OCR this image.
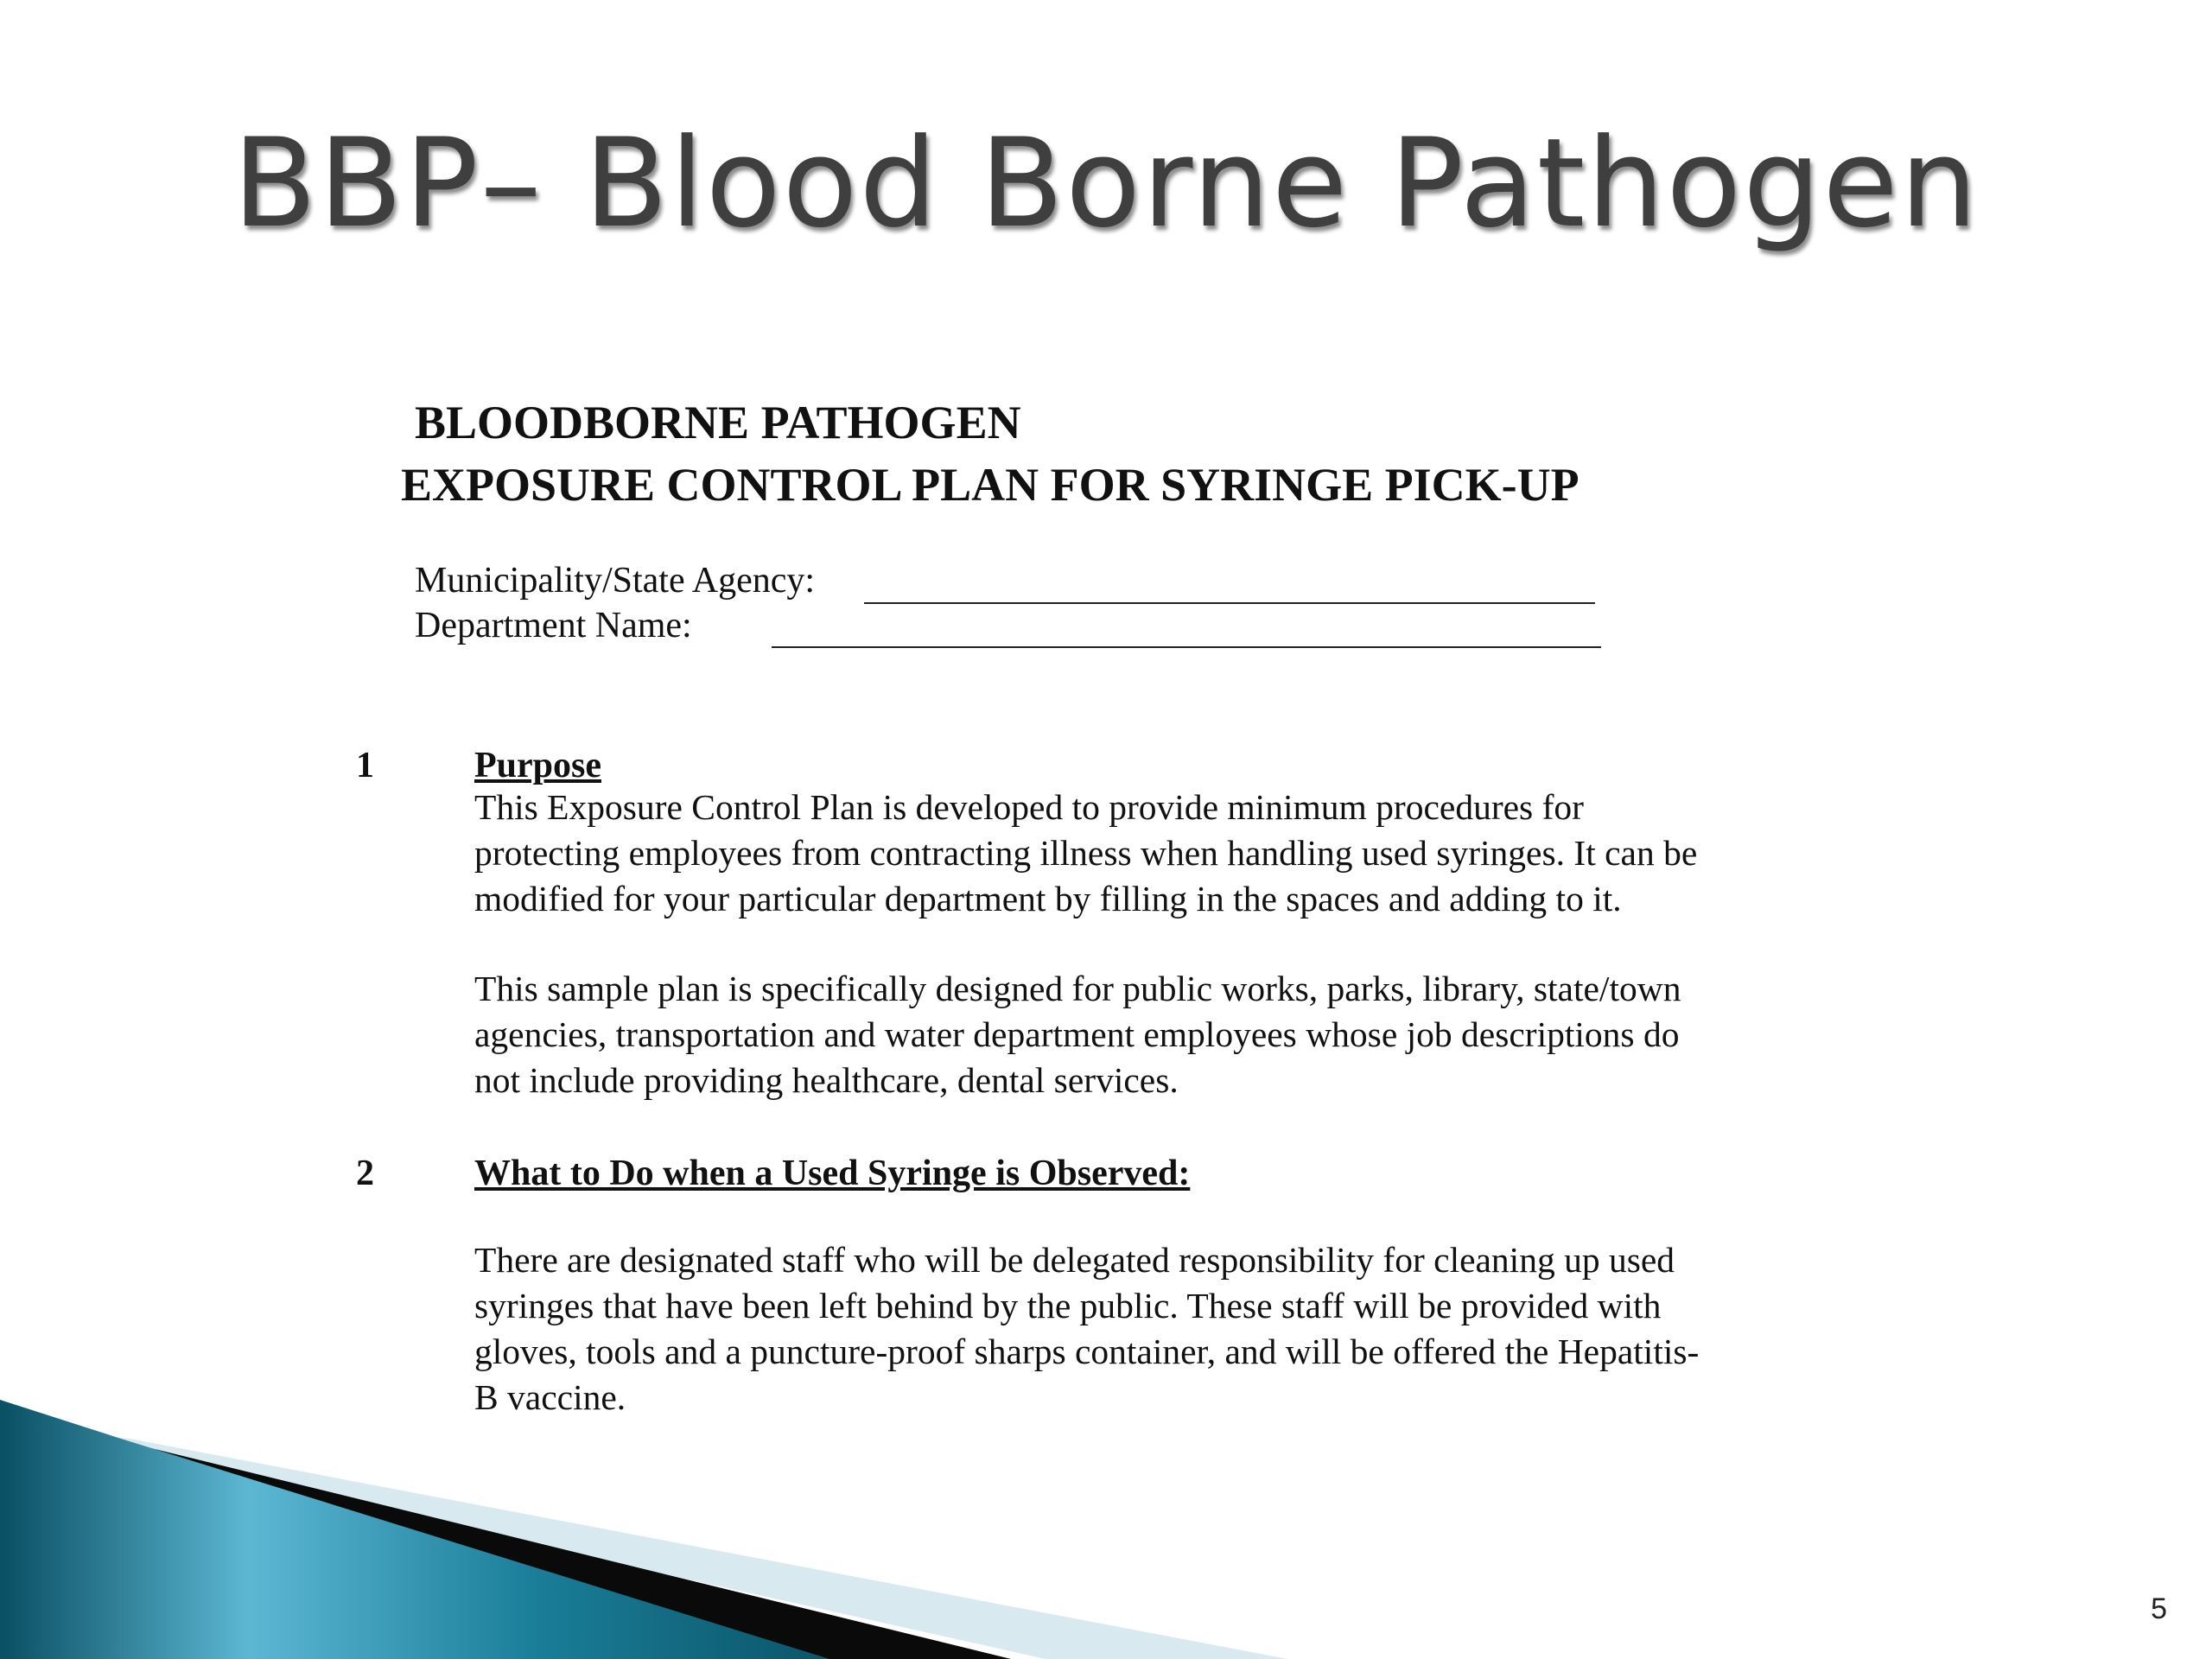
BBP– Blood Borne Pathogen
BLOODBORNE PATHOGEN
EXPOSURE CONTROL PLAN FOR SYRINGE PICK-UP
Municipality/State Agency:
Department Name:
1	Purpose
This Exposure Control Plan is developed to provide minimum procedures for
protecting employees from contracting illness when handling used syringes. It can be
modified for your particular department by filling in the spaces and adding to it.
This sample plan is specifically designed for public works, parks, library, state/town
agencies, transportation and water department employees whose job descriptions do
not include providing healthcare, dental services.
2	What to Do when a Used Syringe is Observed:
There are designated staff who will be delegated responsibility for cleaning up used
syringes that have been left behind by the public. These staff will be provided with
gloves, tools and a puncture-proof sharps container, and will be offered the Hepatitis-
B vaccine.
5
